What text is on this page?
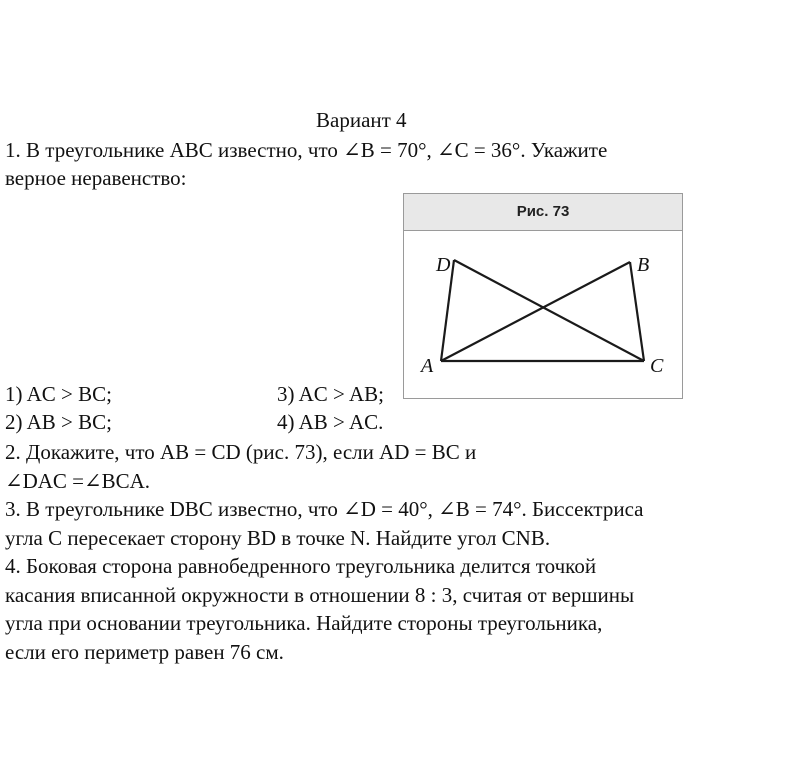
Вариант 4
1. В треугольнике ABC известно, что ∠B = 70°, ∠C = 36°. Укажите
верное неравенство:
Рис. 73
D	B
A	C
1) AC > BC;	3) AC > AB;
2) AB > BC;	4) AB > AC.
2. Докажите, что AB = CD (рис. 73), если AD = BC и
∠DAC =∠BCA.
3. В треугольнике DBC известно, что ∠D = 40°, ∠B = 74°. Биссектриса
угла C пересекает сторону BD в точке N. Найдите угол CNB.
4. Боковая сторона равнобедренного треугольника делится точкой
касания вписанной окружности в отношении 8 : 3, считая от вершины
угла при основании треугольника. Найдите стороны треугольника,
если его периметр равен 76 см.
